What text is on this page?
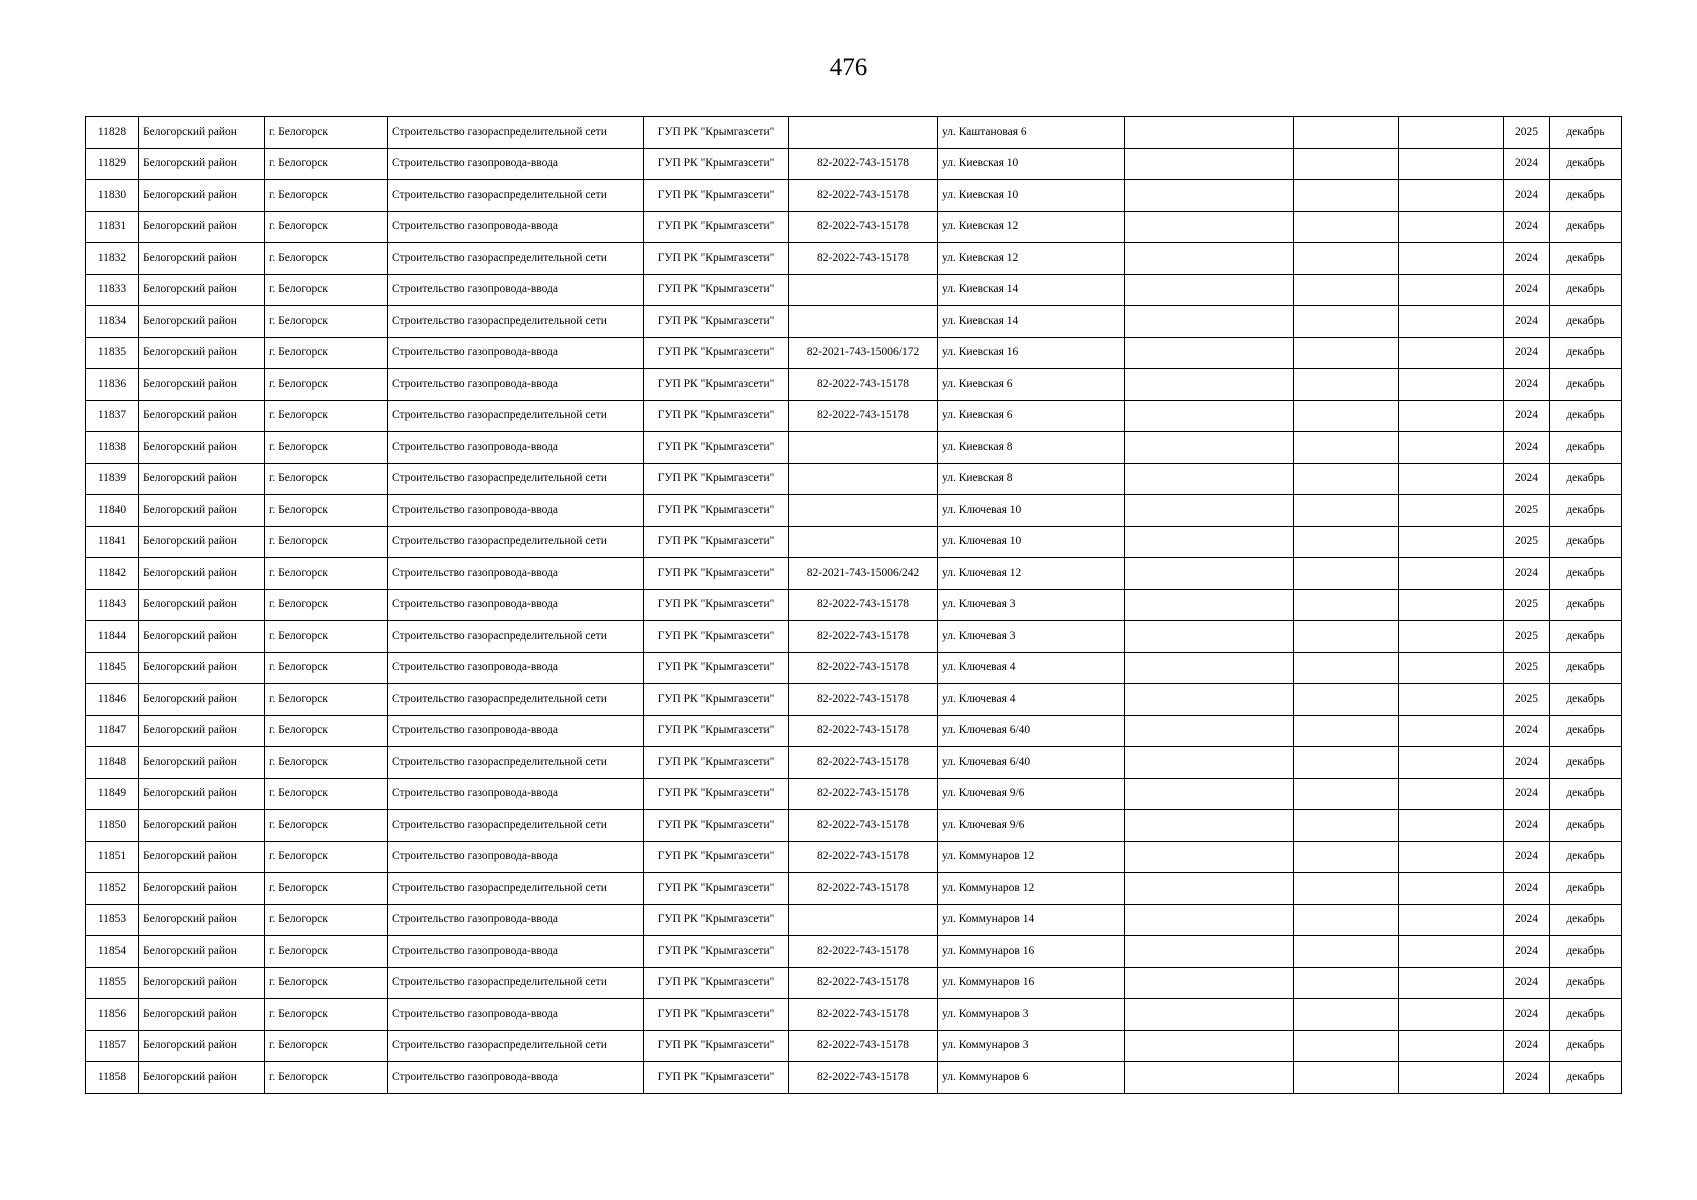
476
11828	Белогорский район	г. Белогорск	Строительство газораспределительной сети	ГУП РК "Крымгазсети"		ул. Каштановая 6				2025	декабрь
11829	Белогорский район	г. Белогорск	Строительство газопровода-ввода	ГУП РК "Крымгазсети"	82-2022-743-15178	ул. Киевская 10				2024	декабрь
11830	Белогорский район	г. Белогорск	Строительство газораспределительной сети	ГУП РК "Крымгазсети"	82-2022-743-15178	ул. Киевская 10				2024	декабрь
11831	Белогорский район	г. Белогорск	Строительство газопровода-ввода	ГУП РК "Крымгазсети"	82-2022-743-15178	ул. Киевская 12				2024	декабрь
11832	Белогорский район	г. Белогорск	Строительство газораспределительной сети	ГУП РК "Крымгазсети"	82-2022-743-15178	ул. Киевская 12				2024	декабрь
11833	Белогорский район	г. Белогорск	Строительство газопровода-ввода	ГУП РК "Крымгазсети"		ул. Киевская 14				2024	декабрь
11834	Белогорский район	г. Белогорск	Строительство газораспределительной сети	ГУП РК "Крымгазсети"		ул. Киевская 14				2024	декабрь
11835	Белогорский район	г. Белогорск	Строительство газопровода-ввода	ГУП РК "Крымгазсети"	82-2021-743-15006/172	ул. Киевская 16				2024	декабрь
11836	Белогорский район	г. Белогорск	Строительство газопровода-ввода	ГУП РК "Крымгазсети"	82-2022-743-15178	ул. Киевская 6				2024	декабрь
11837	Белогорский район	г. Белогорск	Строительство газораспределительной сети	ГУП РК "Крымгазсети"	82-2022-743-15178	ул. Киевская 6				2024	декабрь
11838	Белогорский район	г. Белогорск	Строительство газопровода-ввода	ГУП РК "Крымгазсети"		ул. Киевская 8				2024	декабрь
11839	Белогорский район	г. Белогорск	Строительство газораспределительной сети	ГУП РК "Крымгазсети"		ул. Киевская 8				2024	декабрь
11840	Белогорский район	г. Белогорск	Строительство газопровода-ввода	ГУП РК "Крымгазсети"		ул. Ключевая 10				2025	декабрь
11841	Белогорский район	г. Белогорск	Строительство газораспределительной сети	ГУП РК "Крымгазсети"		ул. Ключевая 10				2025	декабрь
11842	Белогорский район	г. Белогорск	Строительство газопровода-ввода	ГУП РК "Крымгазсети"	82-2021-743-15006/242	ул. Ключевая 12				2024	декабрь
11843	Белогорский район	г. Белогорск	Строительство газопровода-ввода	ГУП РК "Крымгазсети"	82-2022-743-15178	ул. Ключевая 3				2025	декабрь
11844	Белогорский район	г. Белогорск	Строительство газораспределительной сети	ГУП РК "Крымгазсети"	82-2022-743-15178	ул. Ключевая 3				2025	декабрь
11845	Белогорский район	г. Белогорск	Строительство газопровода-ввода	ГУП РК "Крымгазсети"	82-2022-743-15178	ул. Ключевая 4				2025	декабрь
11846	Белогорский район	г. Белогорск	Строительство газораспределительной сети	ГУП РК "Крымгазсети"	82-2022-743-15178	ул. Ключевая 4				2025	декабрь
11847	Белогорский район	г. Белогорск	Строительство газопровода-ввода	ГУП РК "Крымгазсети"	82-2022-743-15178	ул. Ключевая 6/40				2024	декабрь
11848	Белогорский район	г. Белогорск	Строительство газораспределительной сети	ГУП РК "Крымгазсети"	82-2022-743-15178	ул. Ключевая 6/40				2024	декабрь
11849	Белогорский район	г. Белогорск	Строительство газопровода-ввода	ГУП РК "Крымгазсети"	82-2022-743-15178	ул. Ключевая 9/6				2024	декабрь
11850	Белогорский район	г. Белогорск	Строительство газораспределительной сети	ГУП РК "Крымгазсети"	82-2022-743-15178	ул. Ключевая 9/6				2024	декабрь
11851	Белогорский район	г. Белогорск	Строительство газопровода-ввода	ГУП РК "Крымгазсети"	82-2022-743-15178	ул. Коммунаров 12				2024	декабрь
11852	Белогорский район	г. Белогорск	Строительство газораспределительной сети	ГУП РК "Крымгазсети"	82-2022-743-15178	ул. Коммунаров 12				2024	декабрь
11853	Белогорский район	г. Белогорск	Строительство газопровода-ввода	ГУП РК "Крымгазсети"		ул. Коммунаров 14				2024	декабрь
11854	Белогорский район	г. Белогорск	Строительство газопровода-ввода	ГУП РК "Крымгазсети"	82-2022-743-15178	ул. Коммунаров 16				2024	декабрь
11855	Белогорский район	г. Белогорск	Строительство газораспределительной сети	ГУП РК "Крымгазсети"	82-2022-743-15178	ул. Коммунаров 16				2024	декабрь
11856	Белогорский район	г. Белогорск	Строительство газопровода-ввода	ГУП РК "Крымгазсети"	82-2022-743-15178	ул. Коммунаров 3				2024	декабрь
11857	Белогорский район	г. Белогорск	Строительство газораспределительной сети	ГУП РК "Крымгазсети"	82-2022-743-15178	ул. Коммунаров 3				2024	декабрь
11858	Белогорский район	г. Белогорск	Строительство газопровода-ввода	ГУП РК "Крымгазсети"	82-2022-743-15178	ул. Коммунаров 6				2024	декабрь
